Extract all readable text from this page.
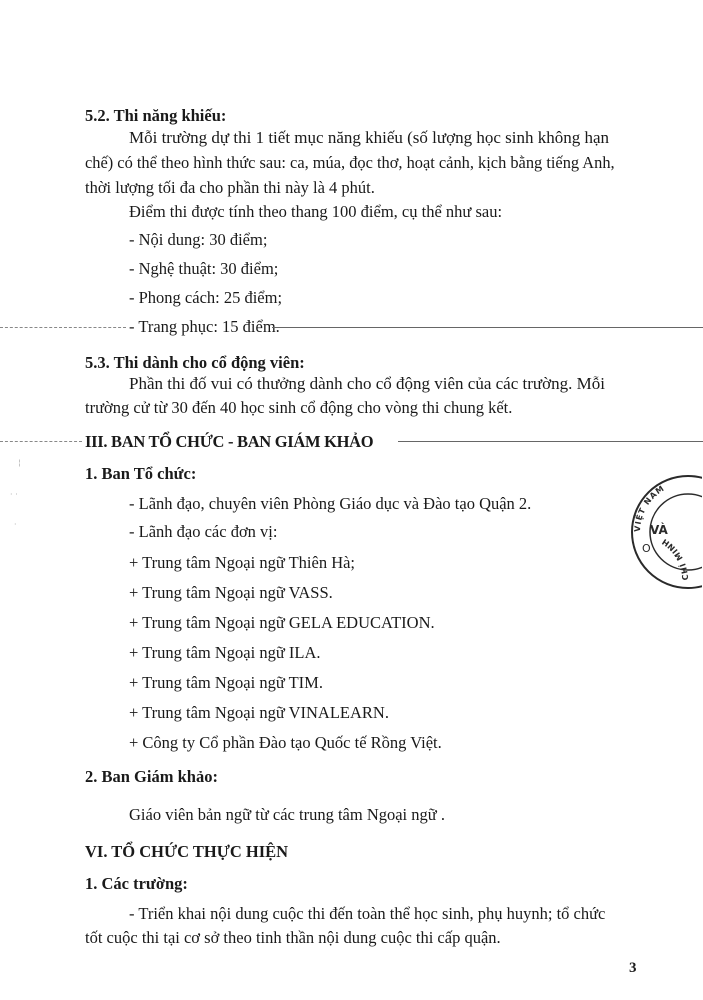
5.2. Thi năng khiếu:
Mỗi trường dự thi 1 tiết mục năng khiếu (số lượng học sinh không hạn
chế) có thể theo hình thức sau: ca, múa, đọc thơ, hoạt cảnh, kịch bằng tiếng Anh,
thời lượng tối đa cho phần thi này là 4 phút.
Điểm thi được tính theo thang 100 điểm, cụ thể như sau:
- Nội dung: 30 điểm;
- Nghệ thuật: 30 điểm;
- Phong cách: 25 điểm;
- Trang phục: 15 điểm.
5.3. Thi dành cho cổ động viên:
Phần thi đố vui có thưởng dành cho cổ động viên của các trường. Mỗi
trường cử từ 30 đến 40 học sinh cổ động cho vòng thi chung kết.
III. BAN TỔ CHỨC - BAN GIÁM KHẢO
1. Ban Tổ chức:
- Lãnh đạo, chuyên viên Phòng Giáo dục và Đào tạo Quận 2.
- Lãnh đạo các đơn vị:
+ Trung tâm Ngoại ngữ Thiên Hà;
+ Trung tâm Ngoại ngữ VASS.
+ Trung tâm Ngoại ngữ GELA EDUCATION.
+ Trung tâm Ngoại ngữ ILA.
+ Trung tâm Ngoại ngữ TIM.
+ Trung tâm Ngoại ngữ VINALEARN.
+ Công ty Cổ phần Đào tạo Quốc tế Rồng Việt.
2. Ban Giám khảo:
Giáo viên bản ngữ từ các trung tâm Ngoại ngữ .
VI. TỔ CHỨC THỰC HIỆN
1. Các trường:
- Triển khai nội dung cuộc thi đến toàn thể học sinh, phụ huynh; tổ chức
tốt cuộc thi tại cơ sở theo tinh thần nội dung cuộc thi cấp quận.
¦
· ·
·	VIỆT NAM
CHÍ MINH
VÀ
O
3
